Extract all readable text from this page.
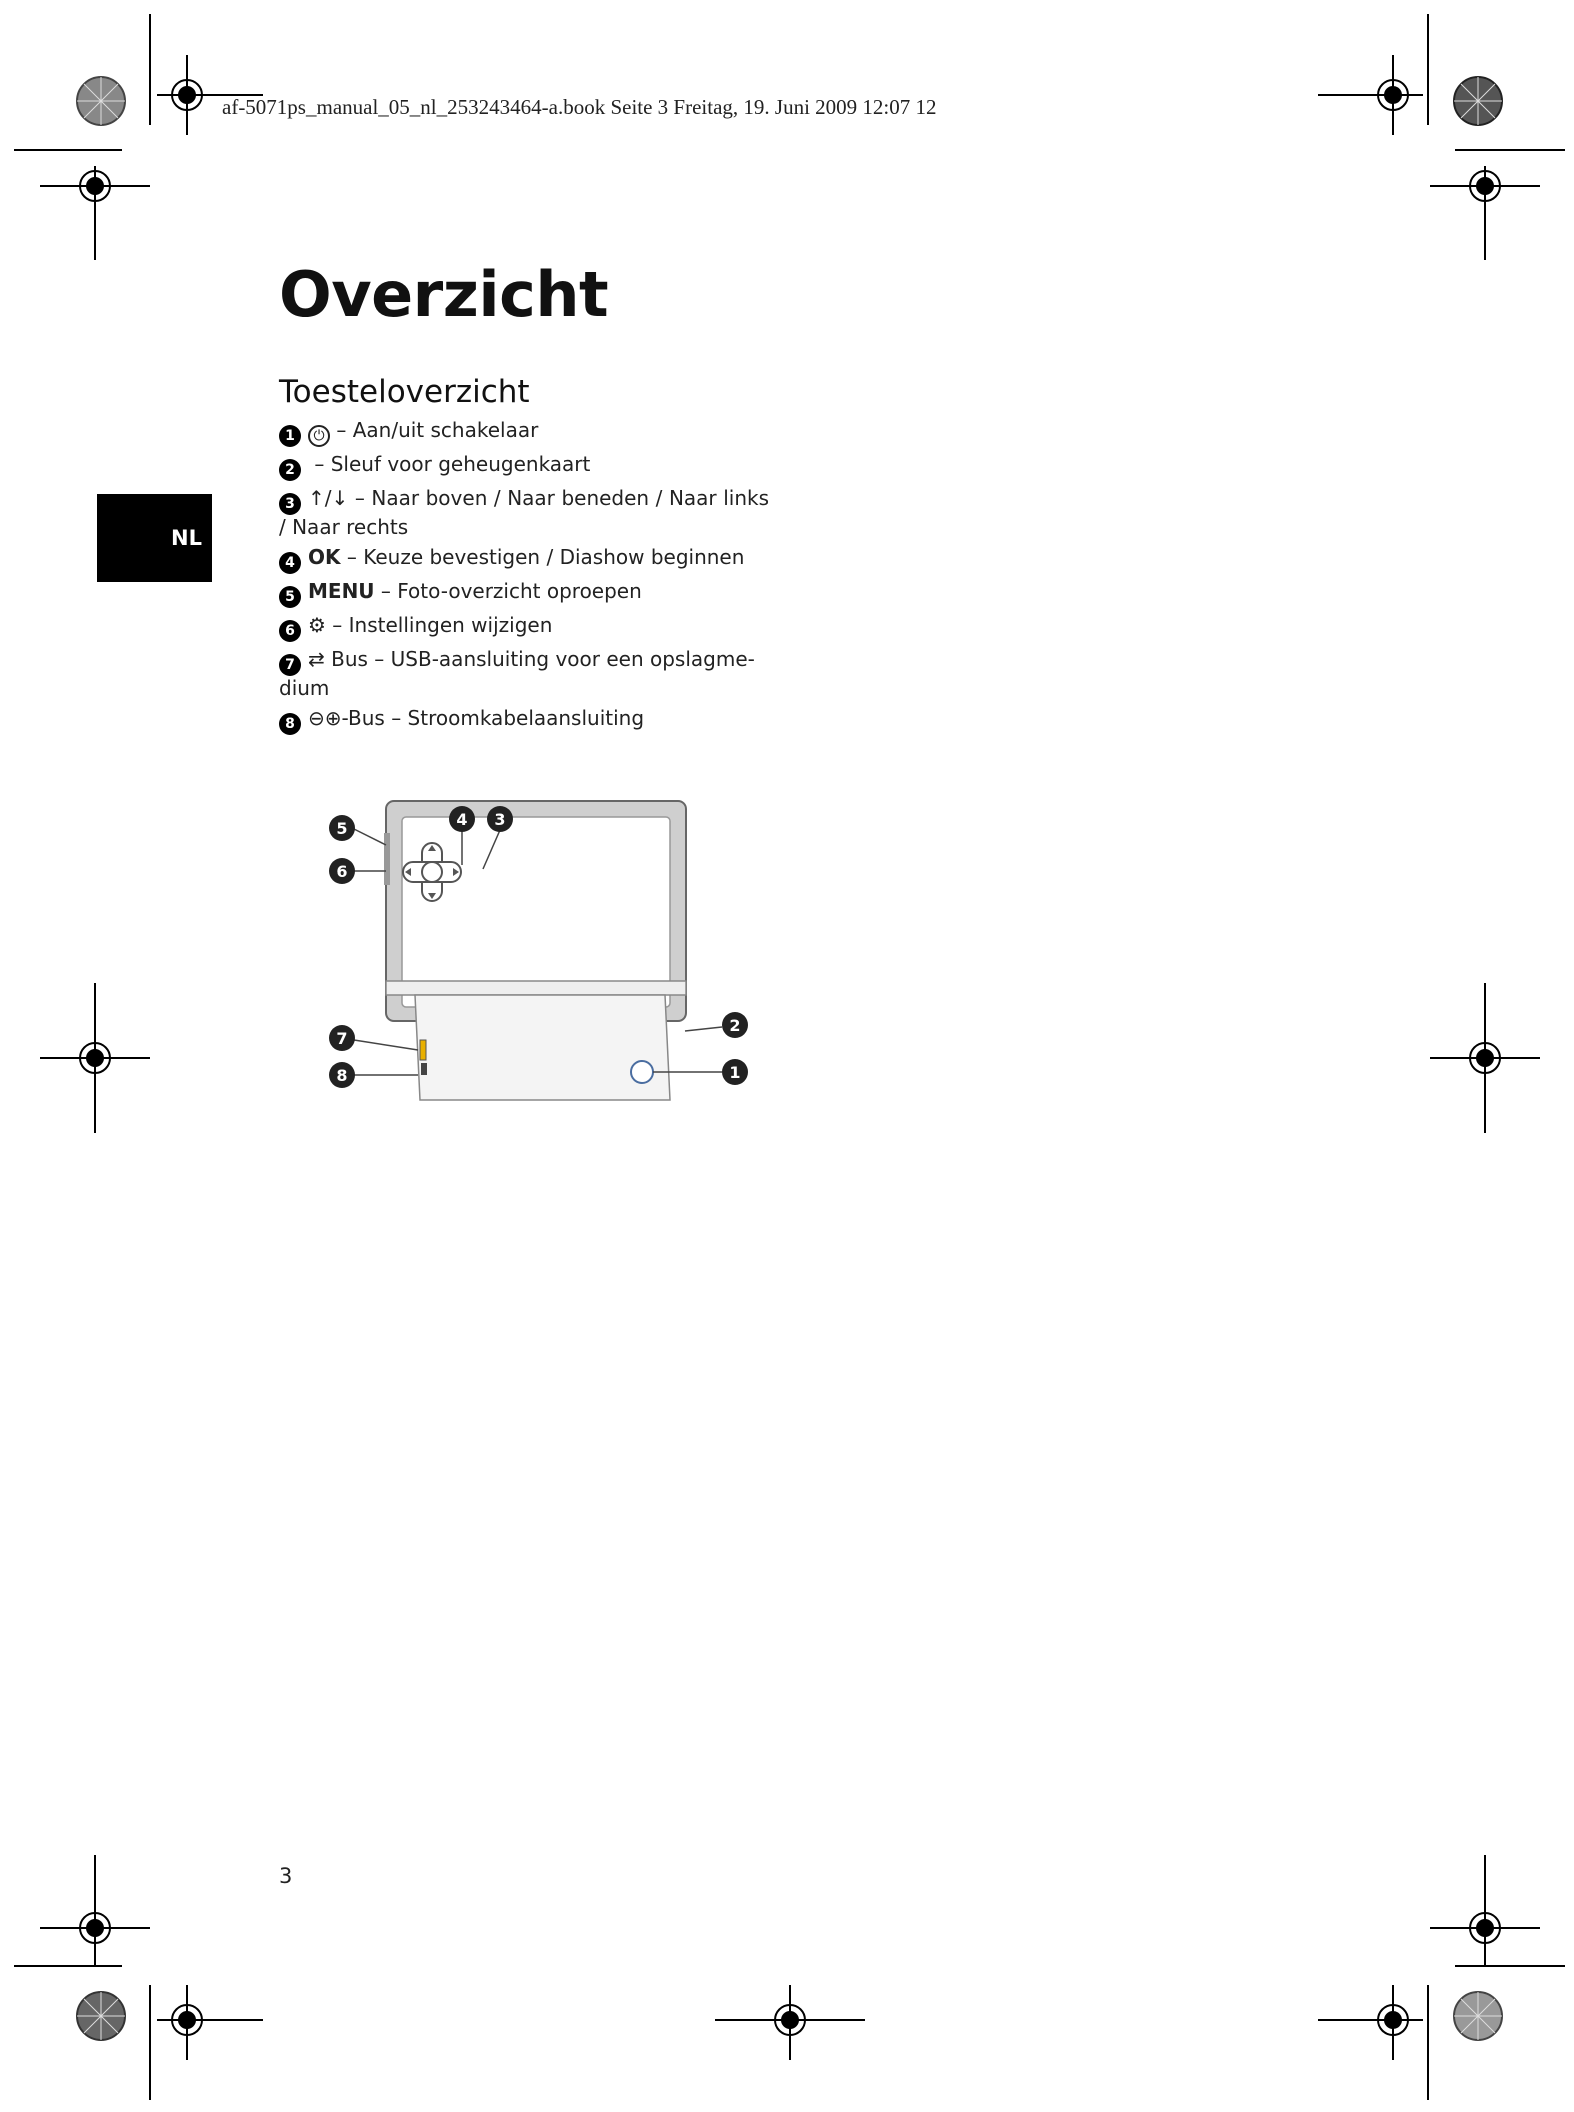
af-5071ps_manual_05_nl_253243464-a.book Seite 3 Freitag, 19. Juni 2009 12:07 12
NL
Overzicht
Toesteloverzicht

1 ⏻ – Aan/uit schakelaar

2 – Sleuf voor geheugenkaart

3 ↑/↓ – Naar boven / Naar beneden / Naar links / Naar rechts

4 OK – Keuze bevestigen / Diashow beginnen

5 MENU – Foto-overzicht oproepen

6 ⚙ – Instellingen wijzigen

7 ⇄ Bus – USB-aansluiting voor een opslagme-dium

8 ⊖⊕-Bus – Stroomkabelaansluiting

4 3
5
6
2
7
8	1
3
